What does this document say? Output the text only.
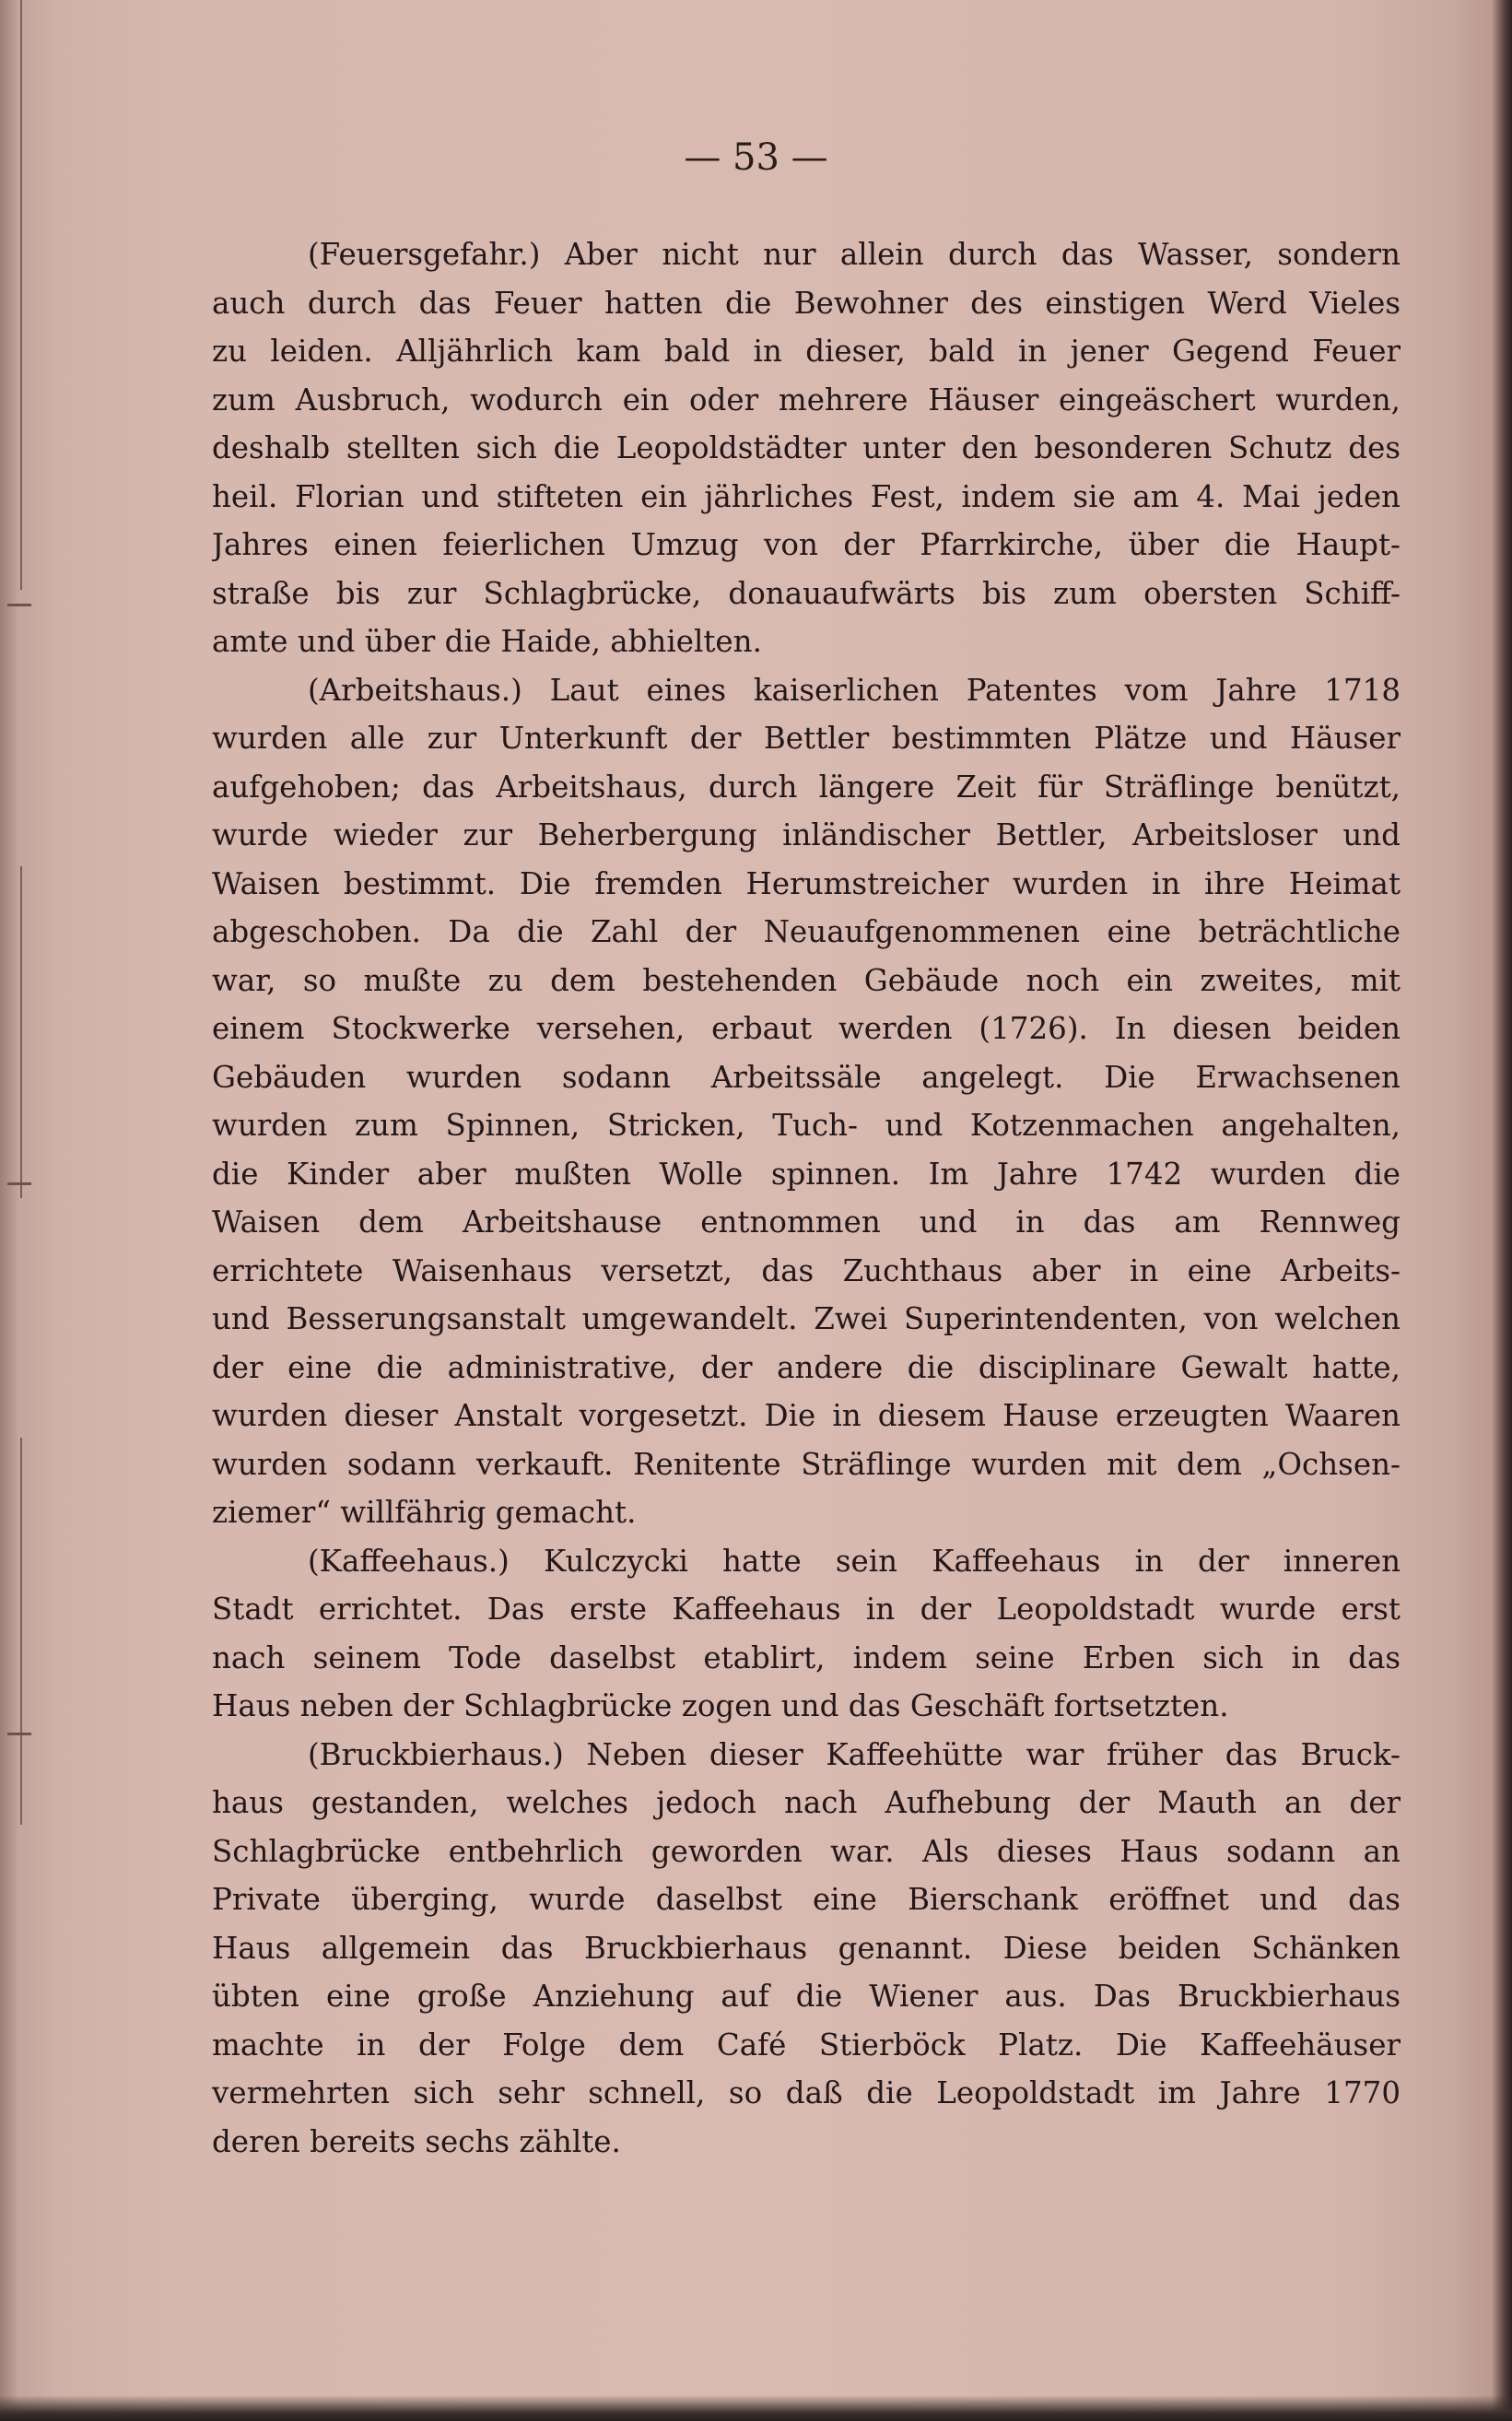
— 53 —
(Feuersgefahr.) Aber nicht nur allein durch das Wasser, sondern
auch durch das Feuer hatten die Bewohner des einstigen Werd Vieles
zu leiden. Alljährlich kam bald in dieser, bald in jener Gegend Feuer
zum Ausbruch, wodurch ein oder mehrere Häuser eingeäschert wurden,
deshalb stellten sich die Leopoldstädter unter den besonderen Schutz des
heil. Florian und stifteten ein jährliches Fest, indem sie am 4. Mai jeden
Jahres einen feierlichen Umzug von der Pfarrkirche, über die Haupt-
straße bis zur Schlagbrücke, donauaufwärts bis zum obersten Schiff-
amte und über die Haide, abhielten.
(Arbeitshaus.) Laut eines kaiserlichen Patentes vom Jahre 1718
wurden alle zur Unterkunft der Bettler bestimmten Plätze und Häuser
aufgehoben; das Arbeitshaus, durch längere Zeit für Sträflinge benützt,
wurde wieder zur Beherbergung inländischer Bettler, Arbeitsloser und
Waisen bestimmt. Die fremden Herumstreicher wurden in ihre Heimat
abgeschoben. Da die Zahl der Neuaufgenommenen eine beträchtliche
war, so mußte zu dem bestehenden Gebäude noch ein zweites, mit
einem Stockwerke versehen, erbaut werden (1726). In diesen beiden
Gebäuden wurden sodann Arbeitssäle angelegt. Die Erwachsenen
wurden zum Spinnen, Stricken, Tuch- und Kotzenmachen angehalten,
die Kinder aber mußten Wolle spinnen. Im Jahre 1742 wurden die
Waisen dem Arbeitshause entnommen und in das am Rennweg
errichtete Waisenhaus versetzt, das Zuchthaus aber in eine Arbeits-
und Besserungsanstalt umgewandelt. Zwei Superintendenten, von welchen
der eine die administrative, der andere die disciplinare Gewalt hatte,
wurden dieser Anstalt vorgesetzt. Die in diesem Hause erzeugten Waaren
wurden sodann verkauft. Renitente Sträflinge wurden mit dem „Ochsen-
ziemer“ willfährig gemacht.
(Kaffeehaus.) Kulczycki hatte sein Kaffeehaus in der inneren
Stadt errichtet. Das erste Kaffeehaus in der Leopoldstadt wurde erst
nach seinem Tode daselbst etablirt, indem seine Erben sich in das
Haus neben der Schlagbrücke zogen und das Geschäft fortsetzten.
(Bruckbierhaus.) Neben dieser Kaffeehütte war früher das Bruck-
haus gestanden, welches jedoch nach Aufhebung der Mauth an der
Schlagbrücke entbehrlich geworden war. Als dieses Haus sodann an
Private überging, wurde daselbst eine Bierschank eröffnet und das
Haus allgemein das Bruckbierhaus genannt. Diese beiden Schänken
übten eine große Anziehung auf die Wiener aus. Das Bruckbierhaus
machte in der Folge dem Café Stierböck Platz. Die Kaffeehäuser
vermehrten sich sehr schnell, so daß die Leopoldstadt im Jahre 1770
deren bereits sechs zählte.
